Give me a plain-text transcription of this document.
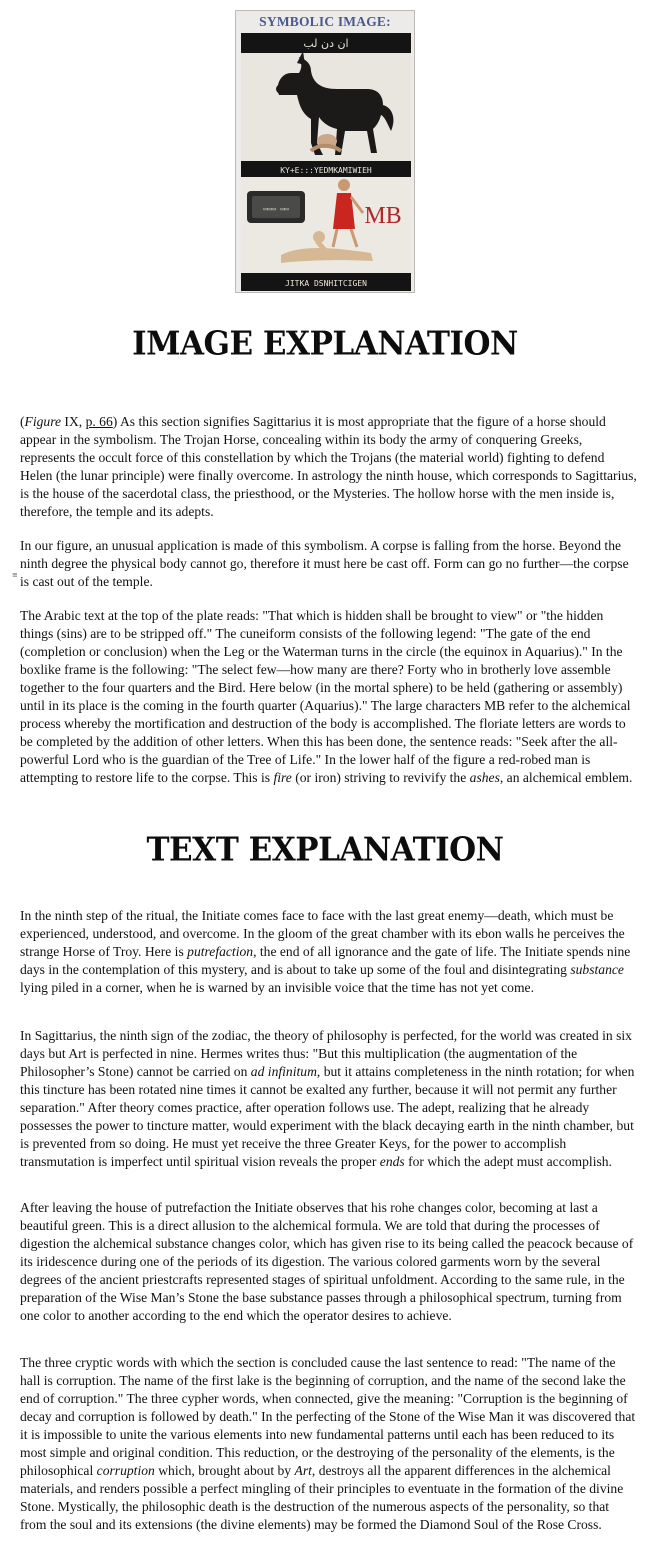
SYMBOLIC IMAGE:
ان دن لب
KY+E:::YEDMKAMIWIEH
▭▭▭ ▭▭	MB
JITKA DSNHITCIGEN
IMAGE EXPLANATION

(Figure IX, p. 66) As this section signifies Sagittarius it is most appropriate that the figure of a horse should appear in the symbolism. The Trojan Horse, concealing within its body the army of conquering Greeks, represents the occult force of this constellation by which the Trojans (the material world) fighting to defend Helen (the lunar principle) were finally overcome. In astrology the ninth house, which corresponds to Sagittarius, is the house of the sacerdotal class, the priesthood, or the Mysteries. The hollow horse with the men inside is, therefore, the temple and its adepts.

In our figure, an unusual application is made of this symbolism. A corpse is falling from the horse. Beyond the ninth degree the physical body cannot go, therefore it must here be cast off. Form can go no further—the corpse is cast out of the temple.

≡

The Arabic text at the top of the plate reads: "That which is hidden shall be brought to view" or "the hidden things (sins) are to be stripped off." The cuneiform consists of the following legend: "The gate of the end (completion or conclusion) when the Leg or the Waterman turns in the circle (the equinox in Aquarius)." In the boxlike frame is the following: "The select few—how many are there? Forty who in brotherly love assemble together to the four quarters and the Bird. Here below (in the mortal sphere) to be held (gathering or assembly) until in its place is the coming in the fourth quarter (Aquarius)." The large characters MB refer to the alchemical process whereby the mortification and destruction of the body is accomplished. The floriate letters are words to be completed by the addition of other letters. When this has been done, the sentence reads: "Seek after the all-powerful Lord who is the guardian of the Tree of Life." In the lower half of the figure a red-robed man is attempting to restore life to the corpse. This is fire (or iron) striving to revivify the ashes, an alchemical emblem.

TEXT EXPLANATION

In the ninth step of the ritual, the Initiate comes face to face with the last great enemy—death, which must be experienced, understood, and overcome. In the gloom of the great chamber with its ebon walls he perceives the strange Horse of Troy. Here is putrefaction, the end of all ignorance and the gate of life. The Initiate spends nine days in the contemplation of this mystery, and is about to take up some of the foul and disintegrating substance lying piled in a corner, when he is warned by an invisible voice that the time has not yet come.

In Sagittarius, the ninth sign of the zodiac, the theory of philosophy is perfected, for the world was created in six days but Art is perfected in nine. Hermes writes thus: "But this multiplication (the augmentation of the Philosopher’s Stone) cannot be carried on ad infinitum, but it attains completeness in the ninth rotation; for when this tincture has been rotated nine times it cannot be exalted any further, because it will not permit any further separation." After theory comes practice, after operation follows use. The adept, realizing that he already possesses the power to tincture matter, would experiment with the black decaying earth in the ninth chamber, but is prevented from so doing. He must yet receive the three Greater Keys, for the power to accomplish transmutation is imperfect until spiritual vision reveals the proper ends for which the adept must accomplish.

After leaving the house of putrefaction the Initiate observes that his rohe changes color, becoming at last a beautiful green. This is a direct allusion to the alchemical formula. We are told that during the processes of digestion the alchemical substance changes color, which has given rise to its being called the peacock because of its iridescence during one of the periods of its digestion. The various colored garments worn by the several degrees of the ancient priestcrafts represented stages of spiritual unfoldment. According to the same rule, in the preparation of the Wise Man’s Stone the base substance passes through a philosophical spectrum, turning from one color to another according to the end which the operator desires to achieve.

The three cryptic words with which the section is concluded cause the last sentence to read: "The name of the hall is corruption. The name of the first lake is the beginning of corruption, and the name of the second lake the end of corruption." The three cypher words, when connected, give the meaning: "Corruption is the beginning of decay and corruption is followed by death." In the perfecting of the Stone of the Wise Man it was discovered that it is impossible to unite the various elements into new fundamental patterns until each has been reduced to its most simple and original condition. This reduction, or the destroying of the personality of the elements, is the philosophical corruption which, brought about by Art, destroys all the apparent differences in the alchemical materials, and renders possible a perfect mingling of their principles to eventuate in the formation of the divine Stone. Mystically, the philosophic death is the destruction of the numerous aspects of the personality, so that from the soul and its extensions (the divine elements) may be formed the Diamond Soul of the Rose Cross.
